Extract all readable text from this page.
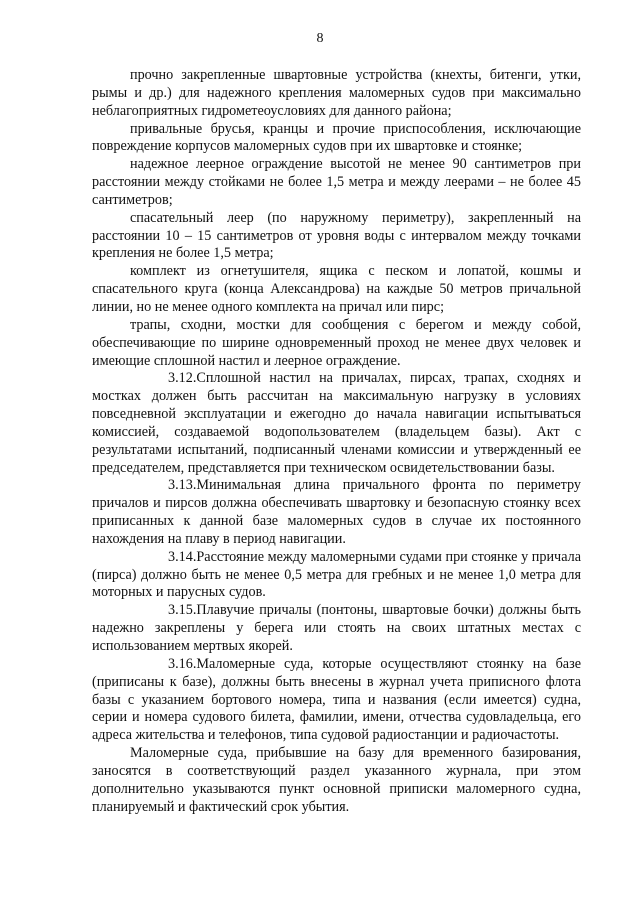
8

прочно закрепленные швартовные устройства (кнехты, битенги, утки, рымы и др.) для надежного крепления маломерных судов при максимально неблагоприятных гидрометеоусловиях для данного района;

привальные брусья, кранцы и прочие приспособления, исключающие повреждение корпусов маломерных судов при их швартовке и стоянке;

надежное леерное ограждение высотой не менее 90 сантиметров при расстоянии между стойками не более 1,5 метра и между леерами – не более 45 сантиметров;

спасательный леер (по наружному периметру), закрепленный на расстоянии 10 – 15 сантиметров от уровня воды с интервалом между точками крепления не более 1,5 метра;

комплект из огнетушителя, ящика с песком и лопатой, кошмы и спасательного круга (конца Александрова) на каждые 50 метров причальной линии, но не менее одного комплекта на причал или пирс;

трапы, сходни, мостки для сообщения с берегом и между собой, обеспечивающие по ширине одновременный проход не менее двух человек и имеющие сплошной настил и леерное ограждение.

3.12.Сплошной настил на причалах, пирсах, трапах, сходнях и мостках должен быть рассчитан на максимальную нагрузку в условиях повседневной эксплуатации и ежегодно до начала навигации испытываться комиссией, создаваемой водопользователем (владельцем базы). Акт с результатами испытаний, подписанный членами комиссии и утвержденный ее председателем, представляется при техническом освидетельствовании базы.

3.13.Минимальная длина причального фронта по периметру причалов и пирсов должна обеспечивать швартовку и безопасную стоянку всех приписанных к данной базе маломерных судов в случае их постоянного нахождения на плаву в период навигации.

3.14.Расстояние между маломерными судами при стоянке у причала (пирса) должно быть не менее 0,5 метра для гребных и не менее 1,0 метра для моторных и парусных судов.

3.15.Плавучие причалы (понтоны, швартовые бочки) должны быть надежно закреплены у берега или стоять на своих штатных местах с использованием мертвых якорей.

3.16.Маломерные суда, которые осуществляют стоянку на базе (приписаны к базе), должны быть внесены в журнал учета приписного флота базы с указанием бортового номера, типа и названия (если имеется) судна, серии и номера судового билета, фамилии, имени, отчества судовладельца, его адреса жительства и телефонов, типа судовой радиостанции и радиочастоты.

Маломерные суда, прибывшие на базу для временного базирования, заносятся в соответствующий раздел указанного журнала, при этом дополнительно указываются пункт основной приписки маломерного судна, планируемый и фактический срок убытия.
